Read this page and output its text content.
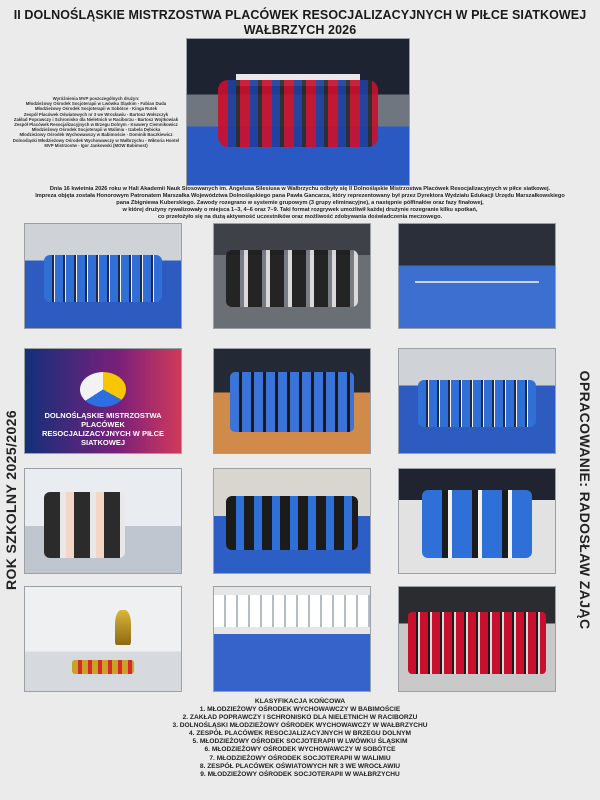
II DOLNOŚLĄSKIE MISTRZOSTWA PLACÓWEK RESOCJALIZACYJNYCH W PIŁCE SIATKOWEJ
WAŁBRZYCH 2026
Wyróżnienia MVP poszczególnych drużyn:
Młodzieżowy Ośrodek Socjoterapii w Lwówku Śląskim - Fabian Duda
Młodzieżowy Ośrodek Socjoterapii w Sobótce - Kinga Rutek
Zespół Placówek Oświatowych nr 3 we Wrocławiu - Bartosz Wołszczyk
Zakład Poprawczy i Schronisko dla Nieletnich w Raciborzu - Bartosz Wojtkowiak
Zespół Placówek Resocjalizacyjnych w Brzegu Dolnym - Ksawery Ciemnikowicz
Młodzieżowy Ośrodek Socjoterapii w Walimiu - Izabela Dębicka
Młodzieżowy Ośrodek Wychowawczy w Babimoście - Dominik Baczkiewicz
Dolnośląski Młodzieżowy Ośrodek Wychowawczy w Wałbrzychu - Wiktoria Hontel
MVP Mistrzostw - Igor Jankowski (MOW Babimost)
Dnia 16 kwietnia 2026 roku w Hali Akademii Nauk Stosowanych im. Angelusa Silesiusa w Wałbrzychu odbyły się II Dolnośląskie Mistrzostwa Placówek Resocjalizacyjnych w piłce siatkowej.
Impreza objęta została Honorowym Patronatem Marszałka Województwa Dolnośląskiego pana Pawła Gancarza, który reprezentowany był przez Dyrektora Wydziału Edukacji Urzędu Marszałkowskiego
pana Zbigniewa Kuberskiego. Zawody rozegrano w systemie grupowym (3 grupy eliminacyjne), a następnie półfinałów oraz fazy finałowej,
w której drużyny rywalizowały o miejsca 1–3, 4–6 oraz 7–9. Taki format rozgrywek umożliwił każdej drużynie rozegranie kilku spotkań,
co przełożyło się na dużą aktywność uczestników oraz możliwość zdobywania doświadczenia meczowego.
ROK SZKOLNY 2025/2026	OPRACOWANIE: RADOSŁAW ZAJĄC
DOLNOŚLĄSKIE MISTRZOSTWA PLACÓWEK RESOCJALIZACYJNYCH W PIŁCE SIATKOWEJ
KLASYFIKACJA KOŃCOWA
1. MŁODZIEŻOWY OŚRODEK WYCHOWAWCZY W BABIMOŚCIE
2. ZAKŁAD POPRAWCZY I SCHRONISKO DLA NIELETNICH W RACIBORZU
3. DOLNOŚLĄSKI MŁODZIEŻOWY OŚRODEK WYCHOWAWCZY W WAŁBRZYCHU
4. ZESPÓŁ PLACÓWEK RESOCJALIZACYJNYCH W BRZEGU DOLNYM
5. MŁODZIEŻOWY OŚRODEK SOCJOTERAPII W LWÓWKU ŚLĄSKIM
6. MŁODZIEŻOWY OŚRODEK WYCHOWAWCZY W SOBÓTCE
7. MŁODZIEŻOWY OŚRODEK SOCJOTERAPII W WALIMIU
8. ZESPÓŁ PLACÓWEK OŚWIATOWYCH NR 3 WE WROCŁAWIU
9. MŁODZIEŻOWY OŚRODEK SOCJOTERAPII W WAŁBRZYCHU
